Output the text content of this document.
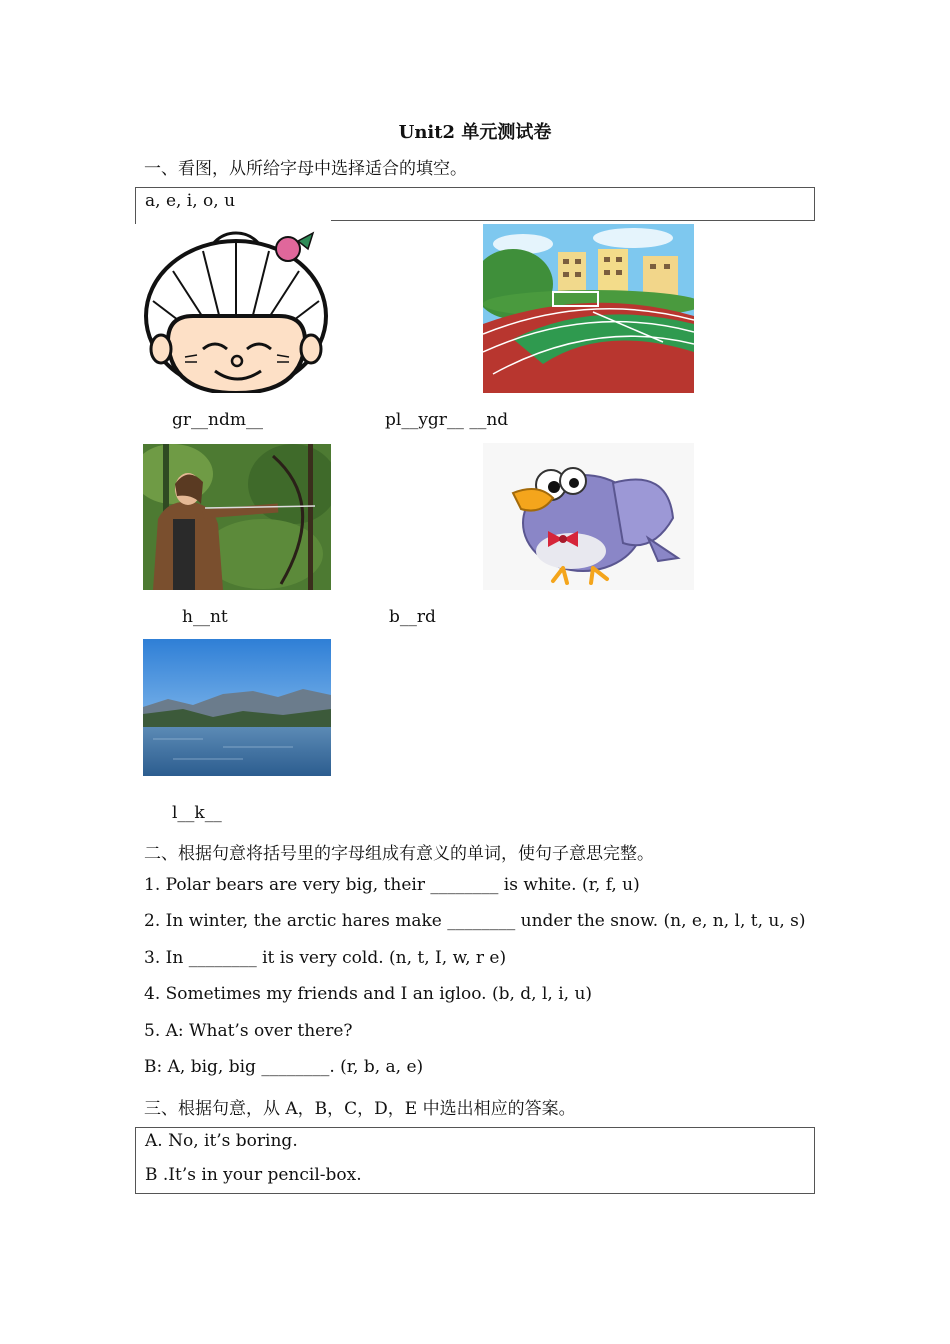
Unit2 单元测试卷
一、看图，从所给字母中选择适合的填空。
a, e, i, o, u
gr__ndm__	pl__ygr__ __nd
h__nt	b__rd
l__k__
二、根据句意将括号里的字母组成有意义的单词，使句子意思完整。
1. Polar bears are very big, their ________ is white. (r, f, u)
2. In winter, the arctic hares make ________ under the snow. (n, e, n, l, t, u, s)
3. In ________ it is very cold. (n, t, I, w, r e)
4. Sometimes my friends and I an igloo. (b, d, l, i, u)
5. A: What’s over there?
B: A, big, big ________. (r, b, a, e)
三、根据句意，从 A，B，C，D，E 中选出相应的答案。
A. No, it’s boring.
B .It’s in your pencil-box.
